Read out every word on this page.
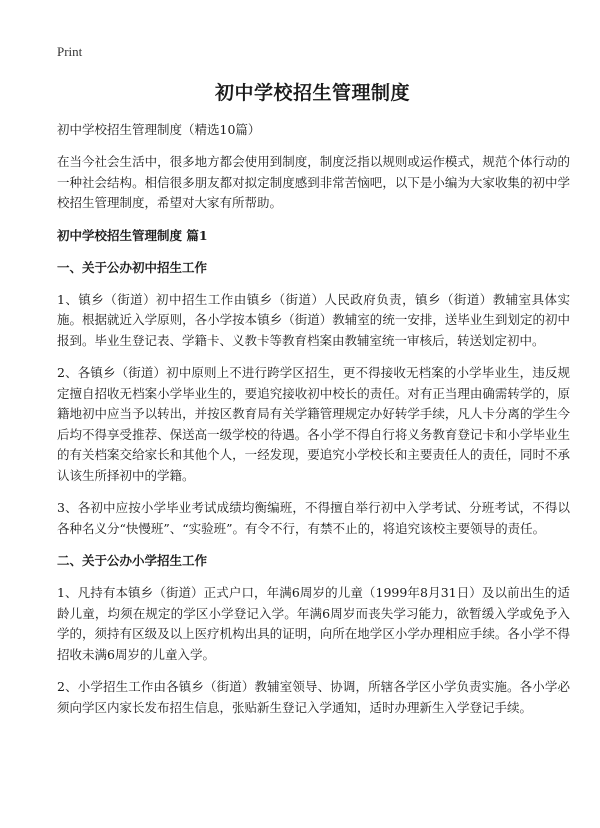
Print
初中学校招生管理制度
初中学校招生管理制度（精选10篇）

在当今社会生活中，很多地方都会使用到制度，制度泛指以规则或运作模式，规范个体行动的一种社会结构。相信很多朋友都对拟定制度感到非常苦恼吧，以下是小编为大家收集的初中学校招生管理制度，希望对大家有所帮助。

初中学校招生管理制度 篇1
一、关于公办初中招生工作

1、镇乡（街道）初中招生工作由镇乡（街道）人民政府负责，镇乡（街道）教辅室具体实施。根据就近入学原则，各小学按本镇乡（街道）教辅室的统一安排，送毕业生到划定的初中报到。毕业生登记表、学籍卡、义教卡等教育档案由教辅室统一审核后，转送划定初中。

2、各镇乡（街道）初中原则上不进行跨学区招生，更不得接收无档案的小学毕业生，违反规定擅自招收无档案小学毕业生的，要追究接收初中校长的责任。对有正当理由确需转学的，原籍地初中应当予以转出，并按区教育局有关学籍管理规定办好转学手续，凡人卡分离的学生今后均不得享受推荐、保送高一级学校的待遇。各小学不得自行将义务教育登记卡和小学毕业生的有关档案交给家长和其他个人，一经发现，要追究小学校长和主要责任人的责任，同时不承认该生所择初中的学籍。

3、各初中应按小学毕业考试成绩均衡编班，不得擅自举行初中入学考试、分班考试，不得以各种名义分“快慢班”、“实验班”。有令不行，有禁不止的，将追究该校主要领导的责任。

二、关于公办小学招生工作

1、凡持有本镇乡（街道）正式户口，年满6周岁的儿童（1999年8月31日）及以前出生的适龄儿童，均须在规定的学区小学登记入学。年满6周岁而丧失学习能力，欲暂缓入学或免予入学的，须持有区级及以上医疗机构出具的证明，向所在地学区小学办理相应手续。各小学不得招收未满6周岁的儿童入学。

2、小学招生工作由各镇乡（街道）教辅室领导、协调，所辖各学区小学负责实施。各小学必须向学区内家长发布招生信息，张贴新生登记入学通知，适时办理新生入学登记手续。
